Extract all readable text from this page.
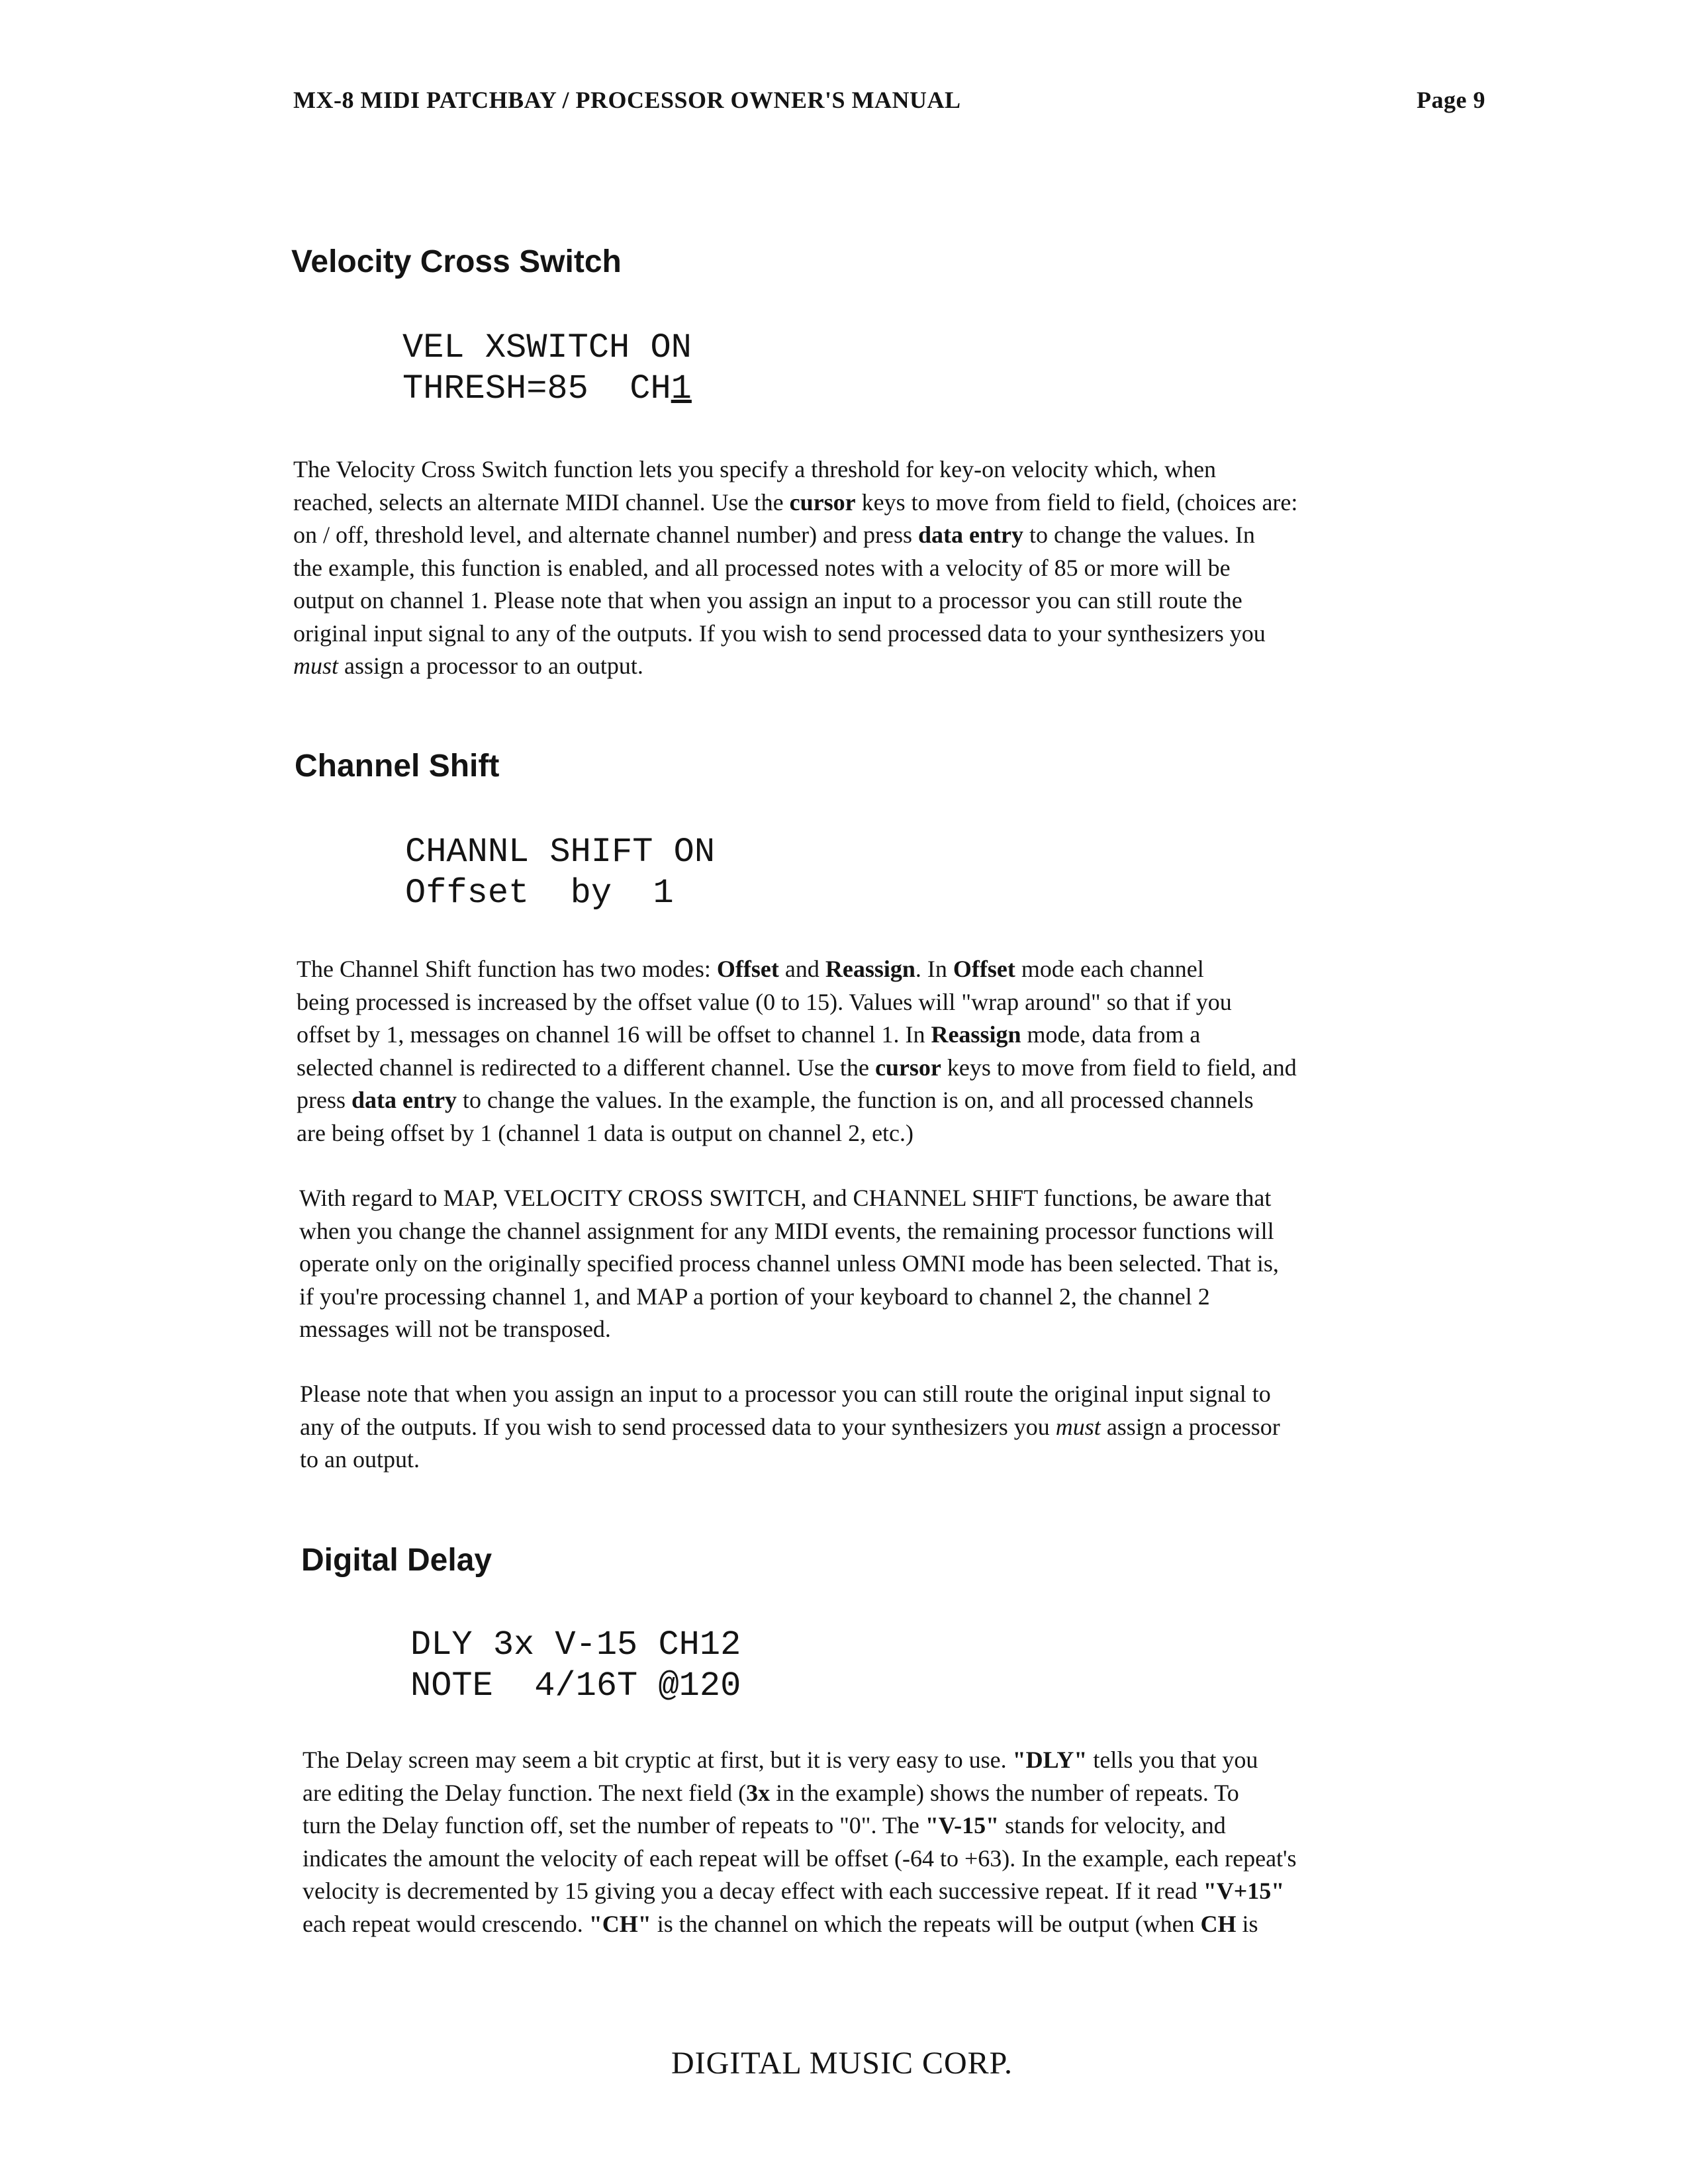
MX-8 MIDI PATCHBAY / PROCESSOR OWNER'S MANUAL	Page 9
Velocity Cross Switch
VEL XSWITCH ON
THRESH=85  CH1
The Velocity Cross Switch function lets you specify a threshold for key-on velocity which, when
reached, selects an alternate MIDI channel. Use the cursor keys to move from field to field, (choices are:
on / off, threshold level, and alternate channel number) and press data entry to change the values. In
the example, this function is enabled, and all processed notes with a velocity of 85 or more will be
output on channel 1. Please note that when you assign an input to a processor you can still route the
original input signal to any of the outputs. If you wish to send processed data to your synthesizers you
must assign a processor to an output.
Channel Shift
CHANNL SHIFT ON
Offset  by  1
The Channel Shift function has two modes: Offset and Reassign. In Offset mode each channel
being processed is increased by the offset value (0 to 15). Values will "wrap around" so that if you
offset by 1, messages on channel 16 will be offset to channel 1. In Reassign mode, data from a
selected channel is redirected to a different channel. Use the cursor keys to move from field to field, and
press data entry to change the values. In the example, the function is on, and all processed channels
are being offset by 1 (channel 1 data is output on channel 2, etc.)
With regard to MAP, VELOCITY CROSS SWITCH, and CHANNEL SHIFT functions, be aware that
when you change the channel assignment for any MIDI events, the remaining processor functions will
operate only on the originally specified process channel unless OMNI mode has been selected. That is,
if you're processing channel 1, and MAP a portion of your keyboard to channel 2, the channel 2
messages will not be transposed.
Please note that when you assign an input to a processor you can still route the original input signal to
any of the outputs. If you wish to send processed data to your synthesizers you must assign a processor
to an output.
Digital Delay
DLY 3x V-15 CH12
NOTE  4/16T @120
The Delay screen may seem a bit cryptic at first, but it is very easy to use. "DLY" tells you that you
are editing the Delay function. The next field (3x in the example) shows the number of repeats. To
turn the Delay function off, set the number of repeats to "0". The "V-15" stands for velocity, and
indicates the amount the velocity of each repeat will be offset (-64 to +63). In the example, each repeat's
velocity is decremented by 15 giving you a decay effect with each successive repeat. If it read "V+15"
each repeat would crescendo. "CH" is the channel on which the repeats will be output (when CH is
DIGITAL MUSIC CORP.
